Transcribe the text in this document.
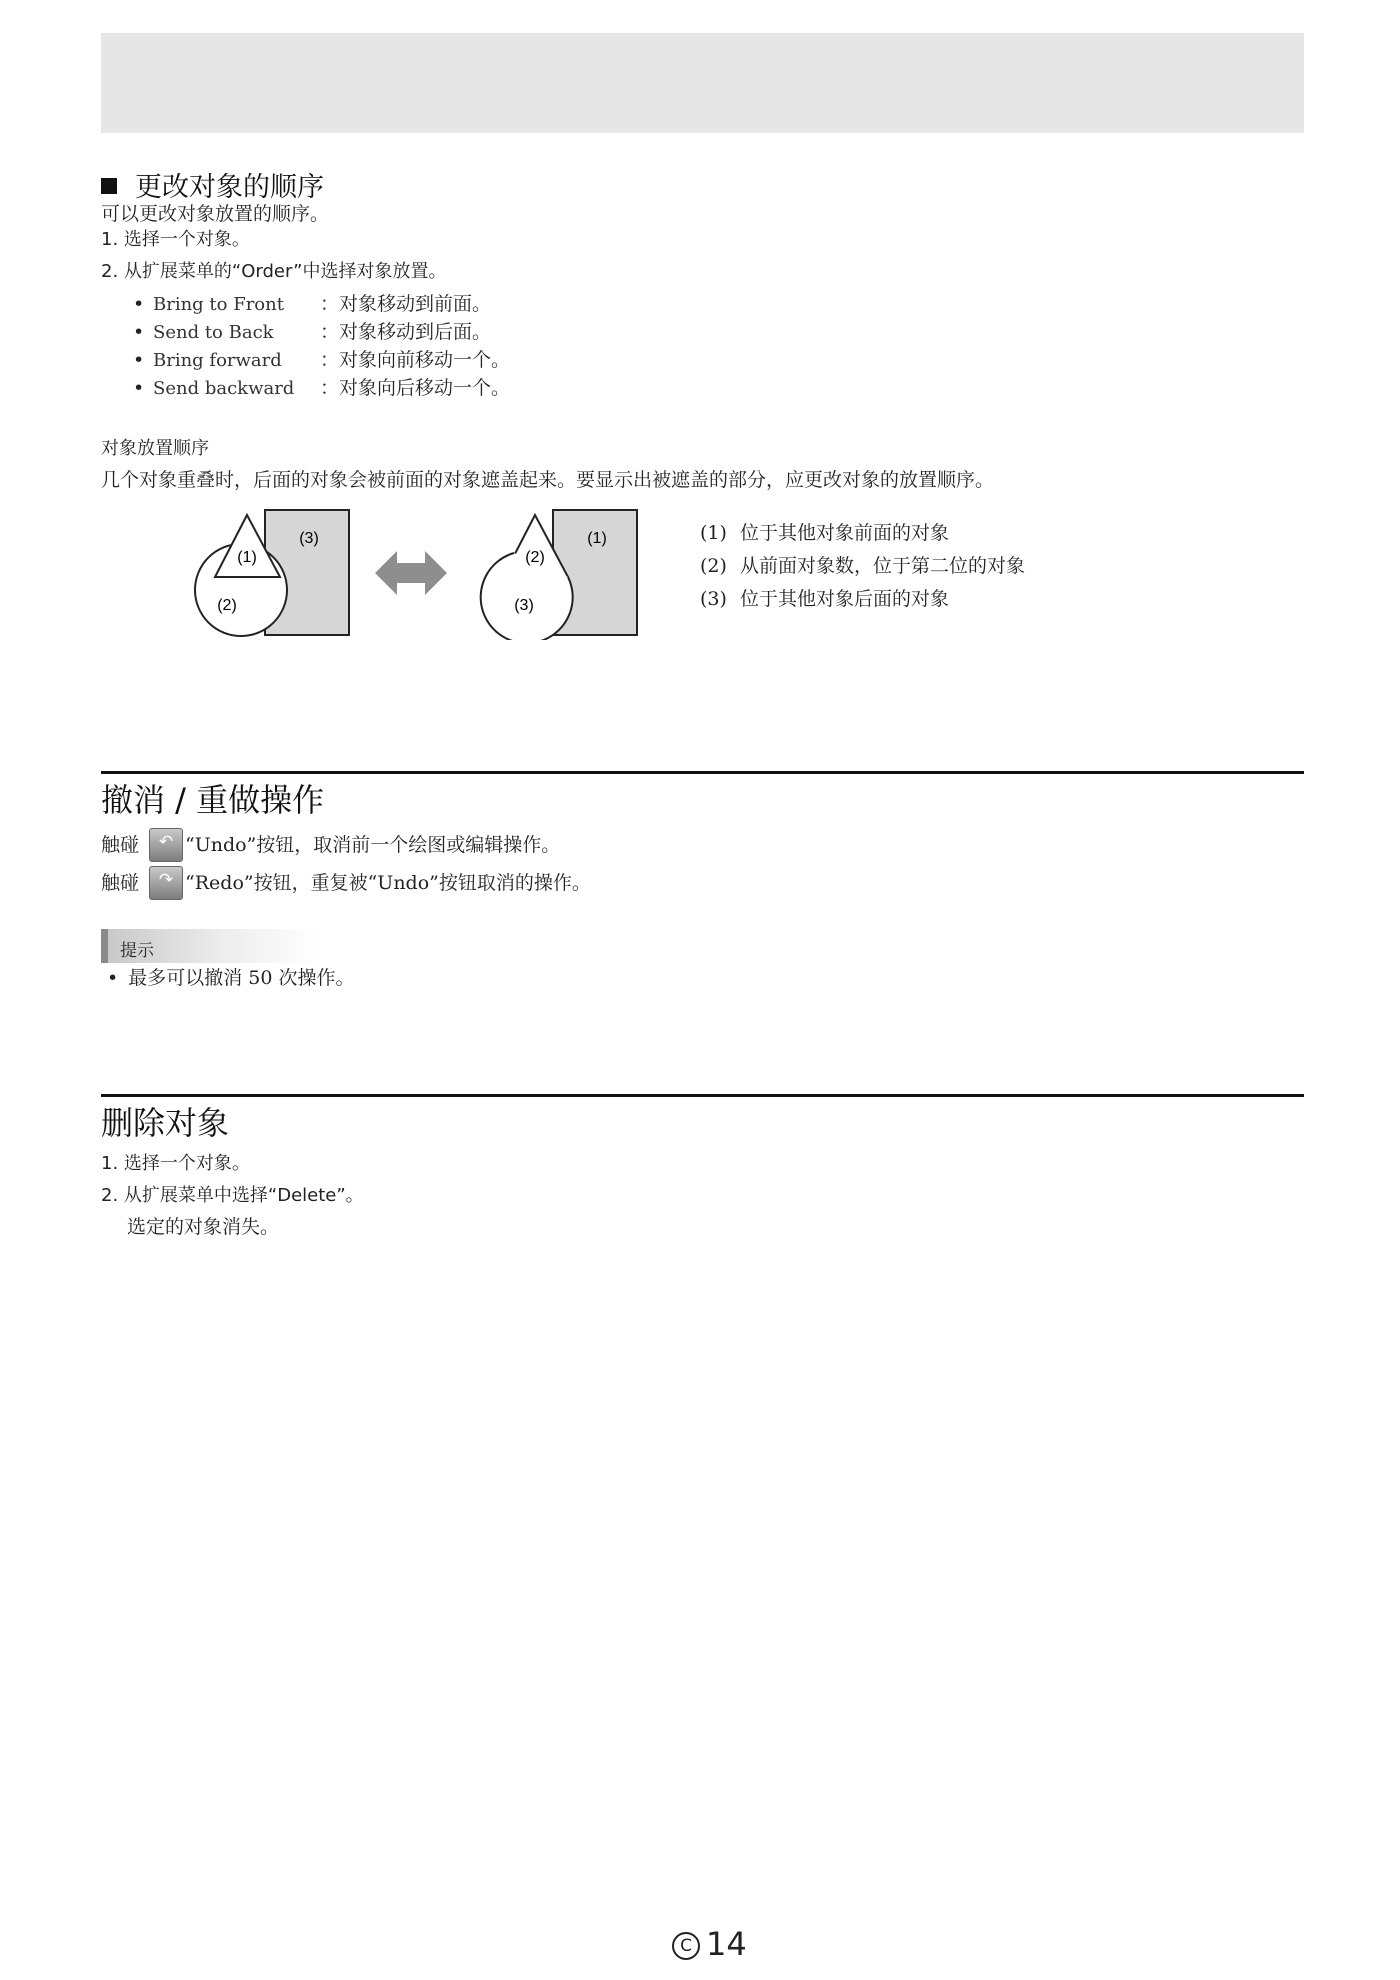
更改对象的顺序
可以更改对象放置的顺序。
1. 选择一个对象。
2. 从扩展菜单的“Order”中选择对象放置。
• Bring to Front	：对象移动到前面。
• Send to Back	：对象移动到后面。
• Bring forward	：对象向前移动一个。
• Send backward	：对象向后移动一个。
对象放置顺序
几个对象重叠时，后面的对象会被前面的对象遮盖起来。要显示出被遮盖的部分，应更改对象的放置顺序。
(3)
(1)
(2)
(1)
(2)
(3)
(1) 位于其他对象前面的对象
(2) 从前面对象数，位于第二位的对象
(3) 位于其他对象后面的对象
撤消 / 重做操作
触碰	↶ “Undo”按钮，取消前一个绘图或编辑操作。
触碰	↷ “Redo”按钮，重复被“Undo”按钮取消的操作。
提示
• 最多可以撤消 50 次操作。
删除对象
1. 选择一个对象。
2. 从扩展菜单中选择“Delete”。
选定的对象消失。
C 14
